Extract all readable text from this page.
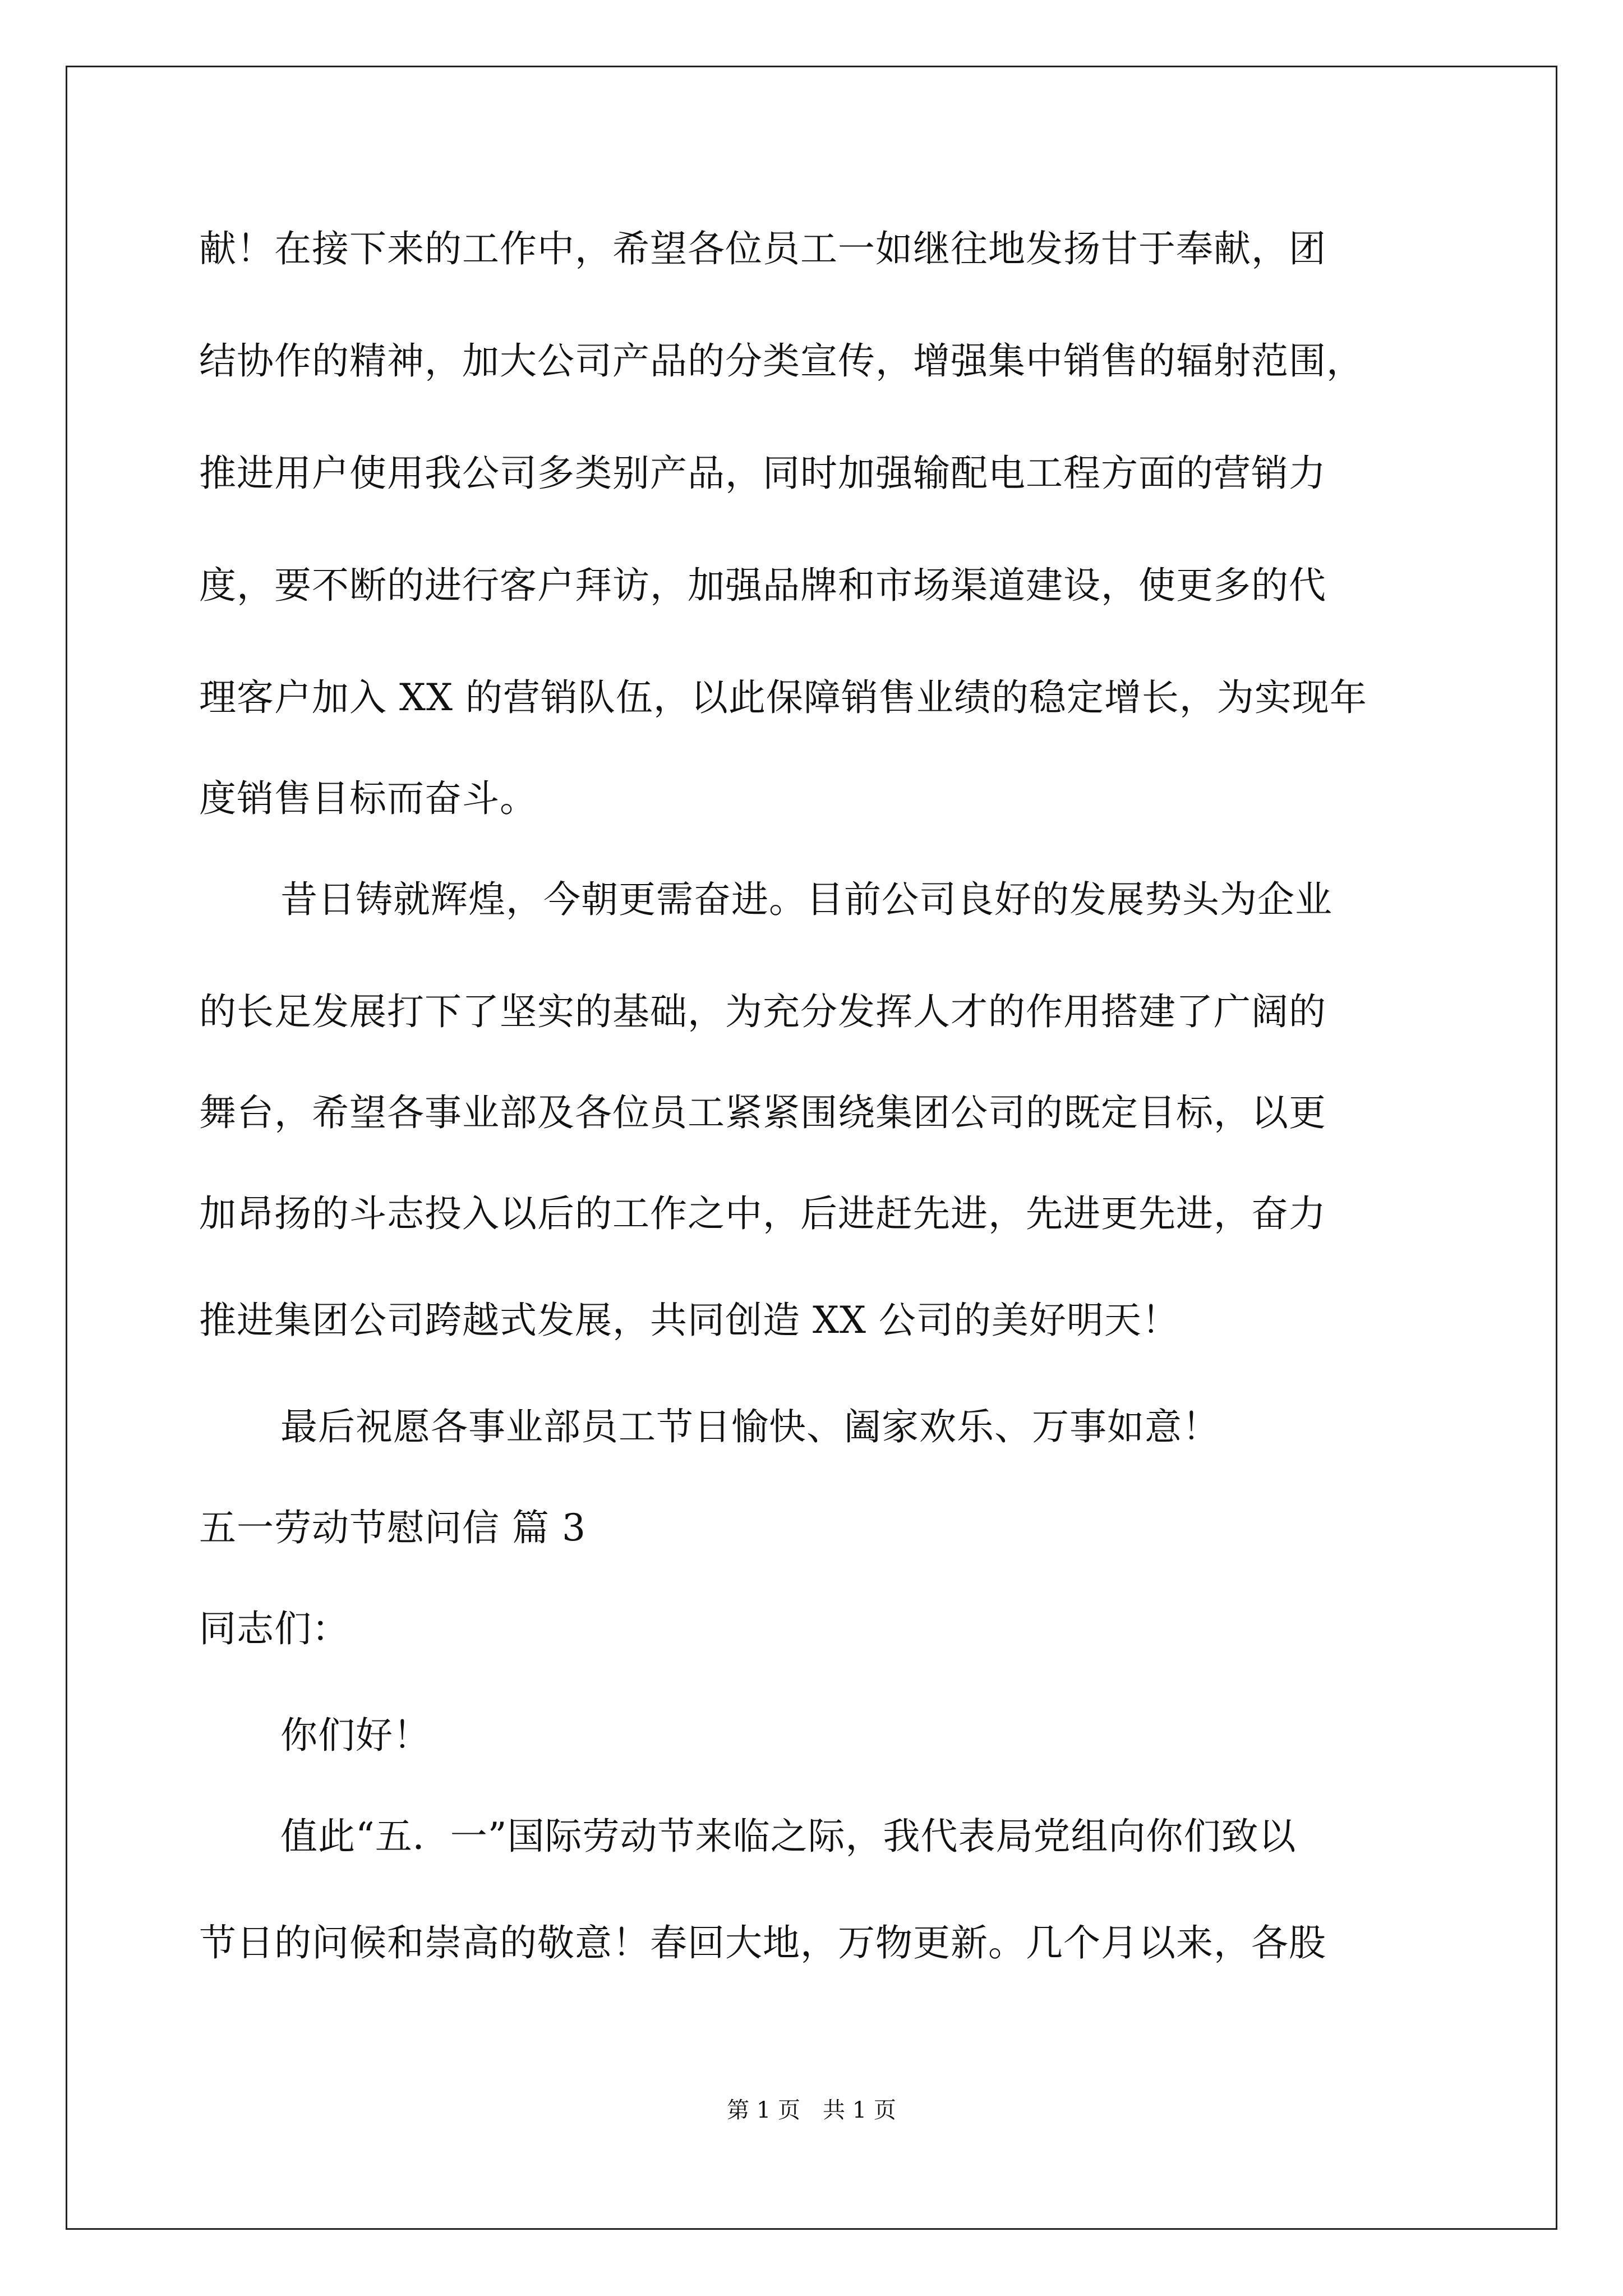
献！在接下来的工作中，希望各位员工一如继往地发扬甘于奉献，团
结协作的精神，加大公司产品的分类宣传，增强集中销售的辐射范围，
推进用户使用我公司多类别产品，同时加强输配电工程方面的营销力
度，要不断的进行客户拜访，加强品牌和市场渠道建设，使更多的代
理客户加入 XX 的营销队伍，以此保障销售业绩的稳定增长，为实现年
度销售目标而奋斗。
昔日铸就辉煌，今朝更需奋进。目前公司良好的发展势头为企业
的长足发展打下了坚实的基础，为充分发挥人才的作用搭建了广阔的
舞台，希望各事业部及各位员工紧紧围绕集团公司的既定目标，以更
加昂扬的斗志投入以后的工作之中，后进赶先进，先进更先进，奋力
推进集团公司跨越式发展，共同创造 XX 公司的美好明天！
最后祝愿各事业部员工节日愉快、阖家欢乐、万事如意！
五一劳动节慰问信 篇 3
同志们：
你们好！
值此“五．一”国际劳动节来临之际，我代表局党组向你们致以
节日的问候和崇高的敬意！春回大地，万物更新。几个月以来，各股
第 1 页　共 1 页
